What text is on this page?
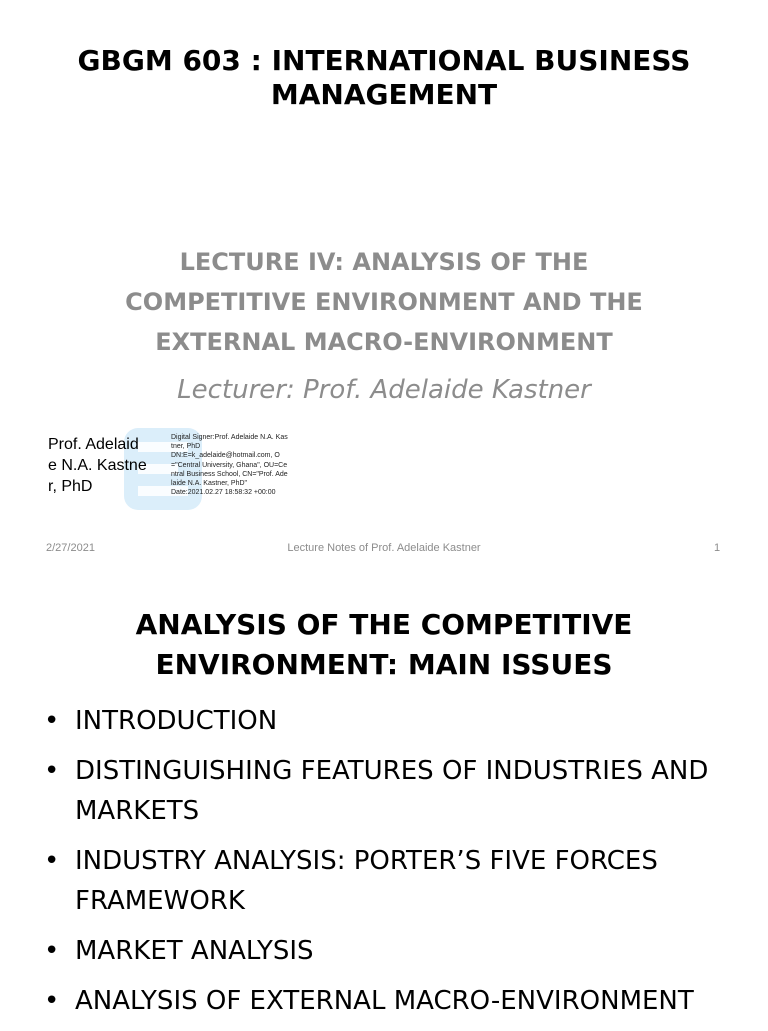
GBGM 603 : INTERNATIONAL BUSINESS
MANAGEMENT
LECTURE IV: ANALYSIS OF THE
COMPETITIVE ENVIRONMENT AND THE
EXTERNAL MACRO-ENVIRONMENT
Lecturer: Prof. Adelaide Kastner
Prof. Adelaid
e N.A. Kastne
r, PhD
Digital Signer:Prof. Adelaide N.A. Kastner, PhD
DN:E=k_adelaide@hotmail.com, O="Central University, Ghana", OU=Central Business School, CN="Prof. Adelaide N.A. Kastner, PhD"
Date:2021.02.27 18:58:32 +00:00
2/27/2021	Lecture Notes of Prof. Adelaide Kastner	1
ANALYSIS OF THE COMPETITIVE
ENVIRONMENT: MAIN ISSUES
• INTRODUCTION
• DISTINGUISHING FEATURES OF INDUSTRIES AND MARKETS
• INDUSTRY ANALYSIS: PORTER’S FIVE FORCES FRAMEWORK
• MARKET ANALYSIS
• ANALYSIS OF EXTERNAL MACRO-ENVIRONMENT
